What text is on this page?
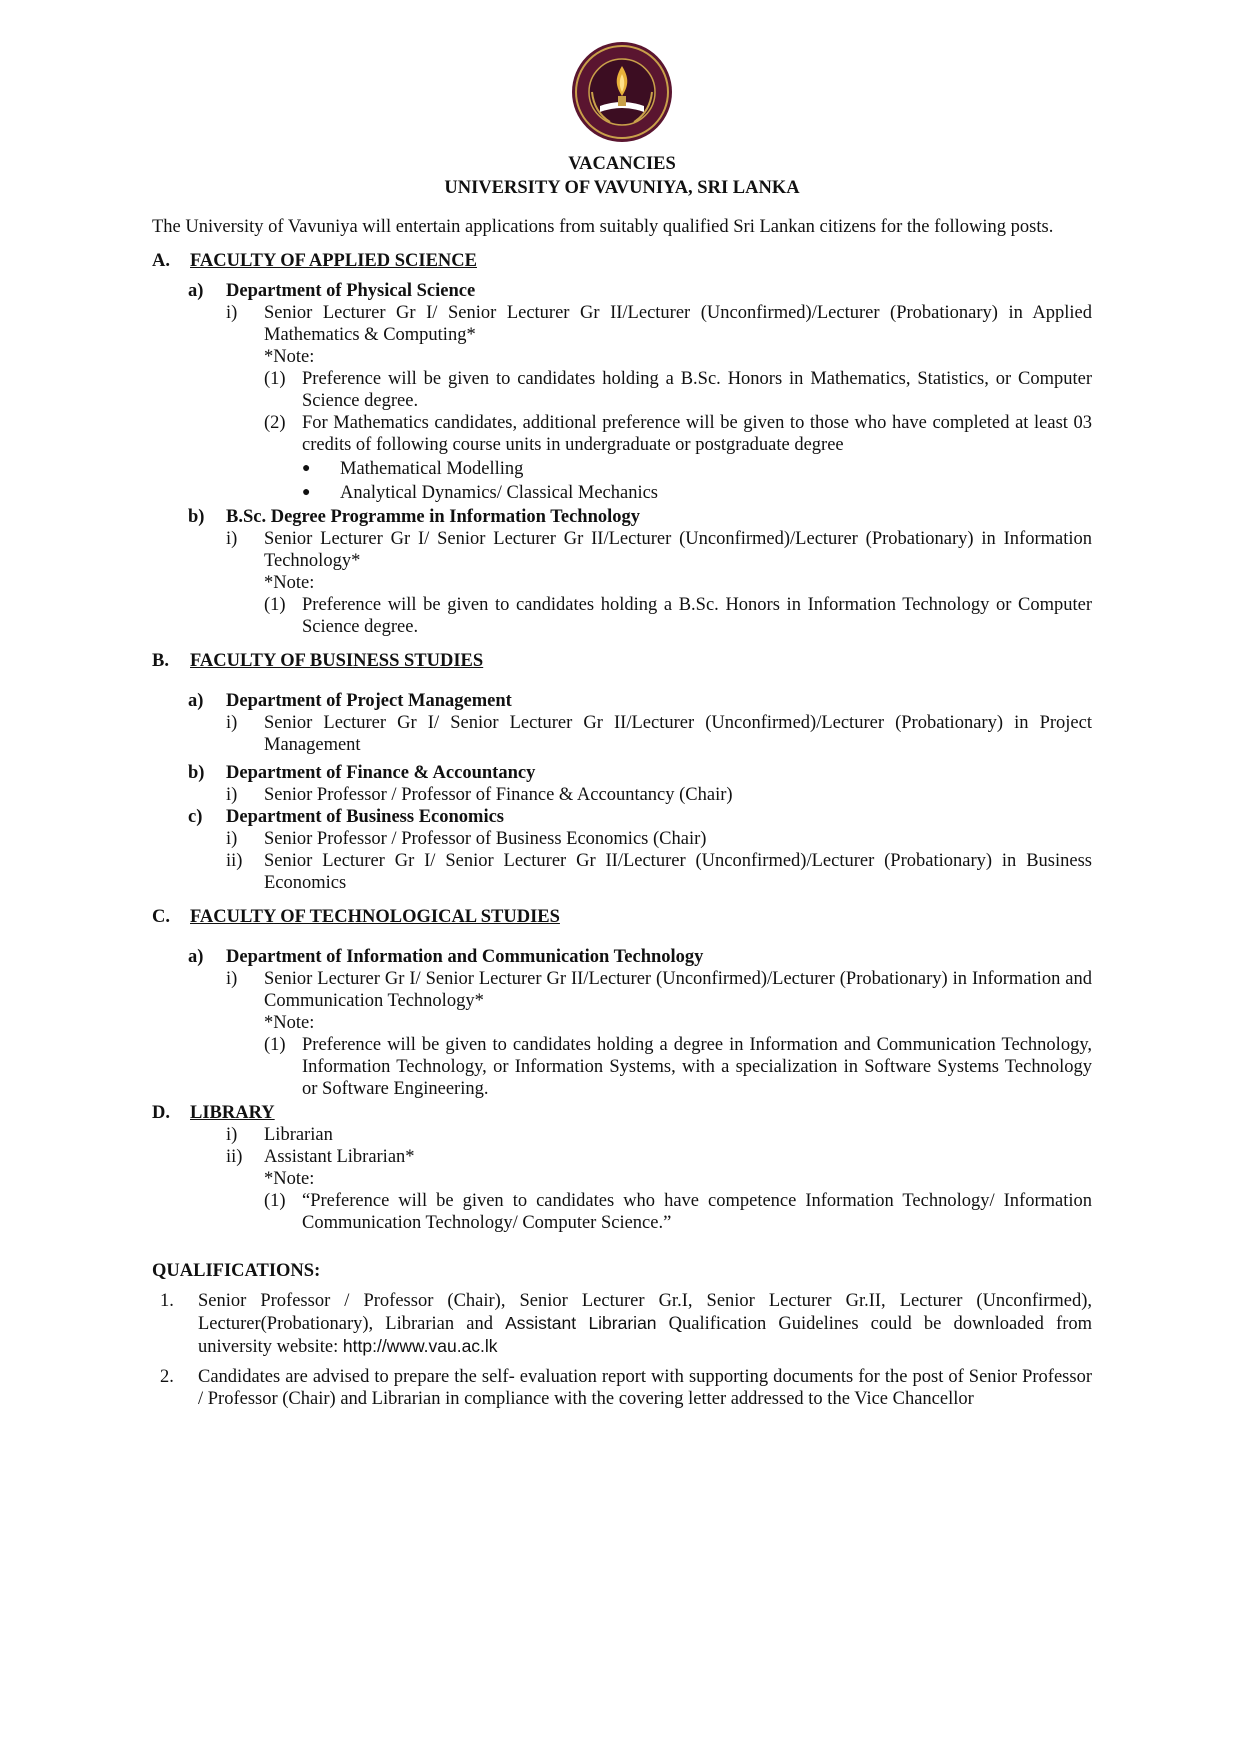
VACANCIES
UNIVERSITY OF VAVUNIYA, SRI LANKA
The University of Vavuniya will entertain applications from suitably qualified Sri Lankan citizens for the following posts.
A. FACULTY OF APPLIED SCIENCE
a) Department of Physical Science
i) Senior Lecturer Gr I/ Senior Lecturer Gr II/Lecturer (Unconfirmed)/Lecturer (Probationary) in Applied Mathematics & Computing*
*Note:
(1) Preference will be given to candidates holding a B.Sc. Honors in Mathematics, Statistics, or Computer Science degree.
(2) For Mathematics candidates, additional preference will be given to those who have completed at least 03 credits of following course units in undergraduate or postgraduate degree
● Mathematical Modelling
● Analytical Dynamics/ Classical Mechanics
b) B.Sc. Degree Programme in Information Technology
i) Senior Lecturer Gr I/ Senior Lecturer Gr II/Lecturer (Unconfirmed)/Lecturer (Probationary) in Information Technology*
*Note:
(1) Preference will be given to candidates holding a B.Sc. Honors in Information Technology or Computer Science degree.
B. FACULTY OF BUSINESS STUDIES
a) Department of Project Management
i) Senior Lecturer Gr I/ Senior Lecturer Gr II/Lecturer (Unconfirmed)/Lecturer (Probationary) in Project Management
b) Department of Finance & Accountancy
i) Senior Professor / Professor of Finance & Accountancy (Chair)
c) Department of Business Economics
i) Senior Professor / Professor of Business Economics (Chair)
ii) Senior Lecturer Gr I/ Senior Lecturer Gr II/Lecturer (Unconfirmed)/Lecturer (Probationary) in Business Economics
C. FACULTY OF TECHNOLOGICAL STUDIES
a) Department of Information and Communication Technology
i) Senior Lecturer Gr I/ Senior Lecturer Gr II/Lecturer (Unconfirmed)/Lecturer (Probationary) in Information and Communication Technology*
*Note:
(1) Preference will be given to candidates holding a degree in Information and Communication Technology, Information Technology, or Information Systems, with a specialization in Software Systems Technology or Software Engineering.
D. LIBRARY
i) Librarian
ii) Assistant Librarian*
*Note:
(1) “Preference will be given to candidates who have competence Information Technology/ Information Communication Technology/ Computer Science.”
QUALIFICATIONS:
1. Senior Professor / Professor (Chair), Senior Lecturer Gr.I, Senior Lecturer Gr.II, Lecturer (Unconfirmed), Lecturer(Probationary), Librarian and Assistant Librarian Qualification Guidelines could be downloaded from university website: http://www.vau.ac.lk
2. Candidates are advised to prepare the self- evaluation report with supporting documents for the post of Senior Professor / Professor (Chair) and Librarian in compliance with the covering letter addressed to the Vice Chancellor
